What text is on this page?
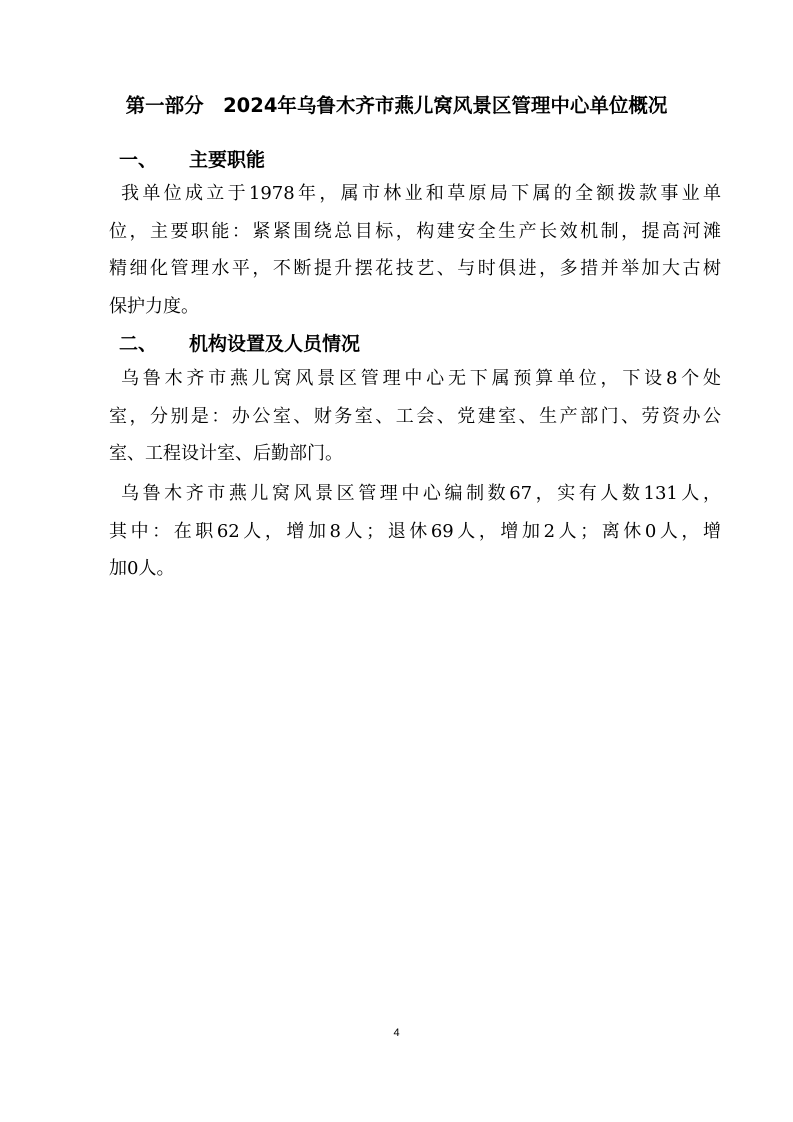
第一部分　2024年乌鲁木齐市燕儿窝风景区管理中心单位概况
一、 主要职能
我单位成立于1978年，属市林业和草原局下属的全额拨款事业单
位，主要职能：紧紧围绕总目标，构建安全生产长效机制，提高河滩
精细化管理水平，不断提升摆花技艺、与时俱进，多措并举加大古树
保护力度。
二、 机构设置及人员情况
乌鲁木齐市燕儿窝风景区管理中心无下属预算单位，下设8个处
室，分别是：办公室、财务室、工会、党建室、生产部门、劳资办公
室、工程设计室、后勤部门。
乌鲁木齐市燕儿窝风景区管理中心编制数67，实有人数131人，
其中：在职62人，增加8人；退休69人，增加2人；离休0人，增
加0人。
4
